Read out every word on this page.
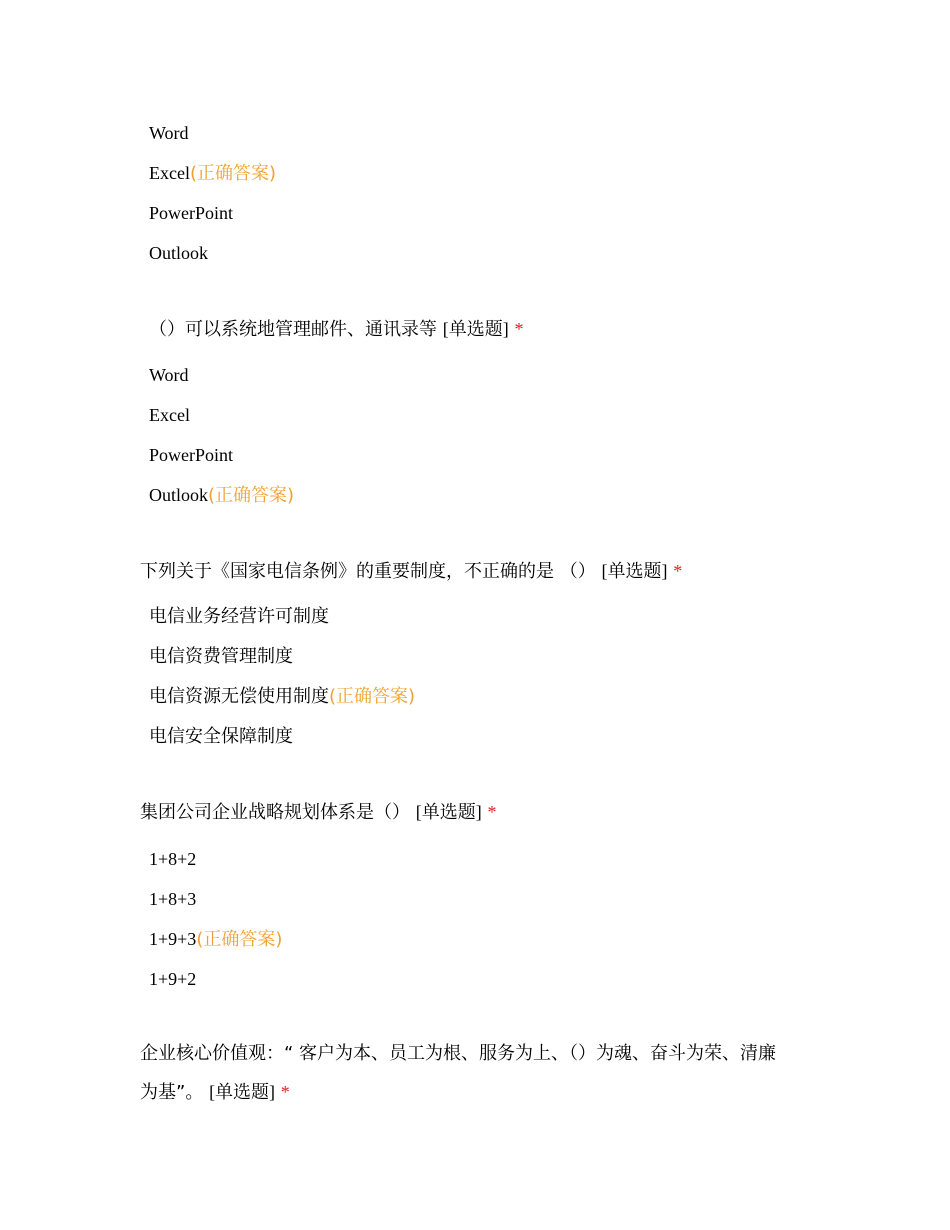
Word
Excel(正确答案)
PowerPoint
Outlook
（）可以系统地管理邮件、通讯录等 [单选题] *
Word
Excel
PowerPoint
Outlook(正确答案)
下列关于《国家电信条例》的重要制度，不正确的是 （） [单选题] *
电信业务经营许可制度
电信资费管理制度
电信资源无偿使用制度(正确答案)
电信安全保障制度
集团公司企业战略规划体系是（） [单选题] *
1+8+2
1+8+3
1+9+3(正确答案)
1+9+2
企业核心价值观：“ 客户为本、员工为根、服务为上、（）为魂、奋斗为荣、清廉
为基”。 [单选题] *
